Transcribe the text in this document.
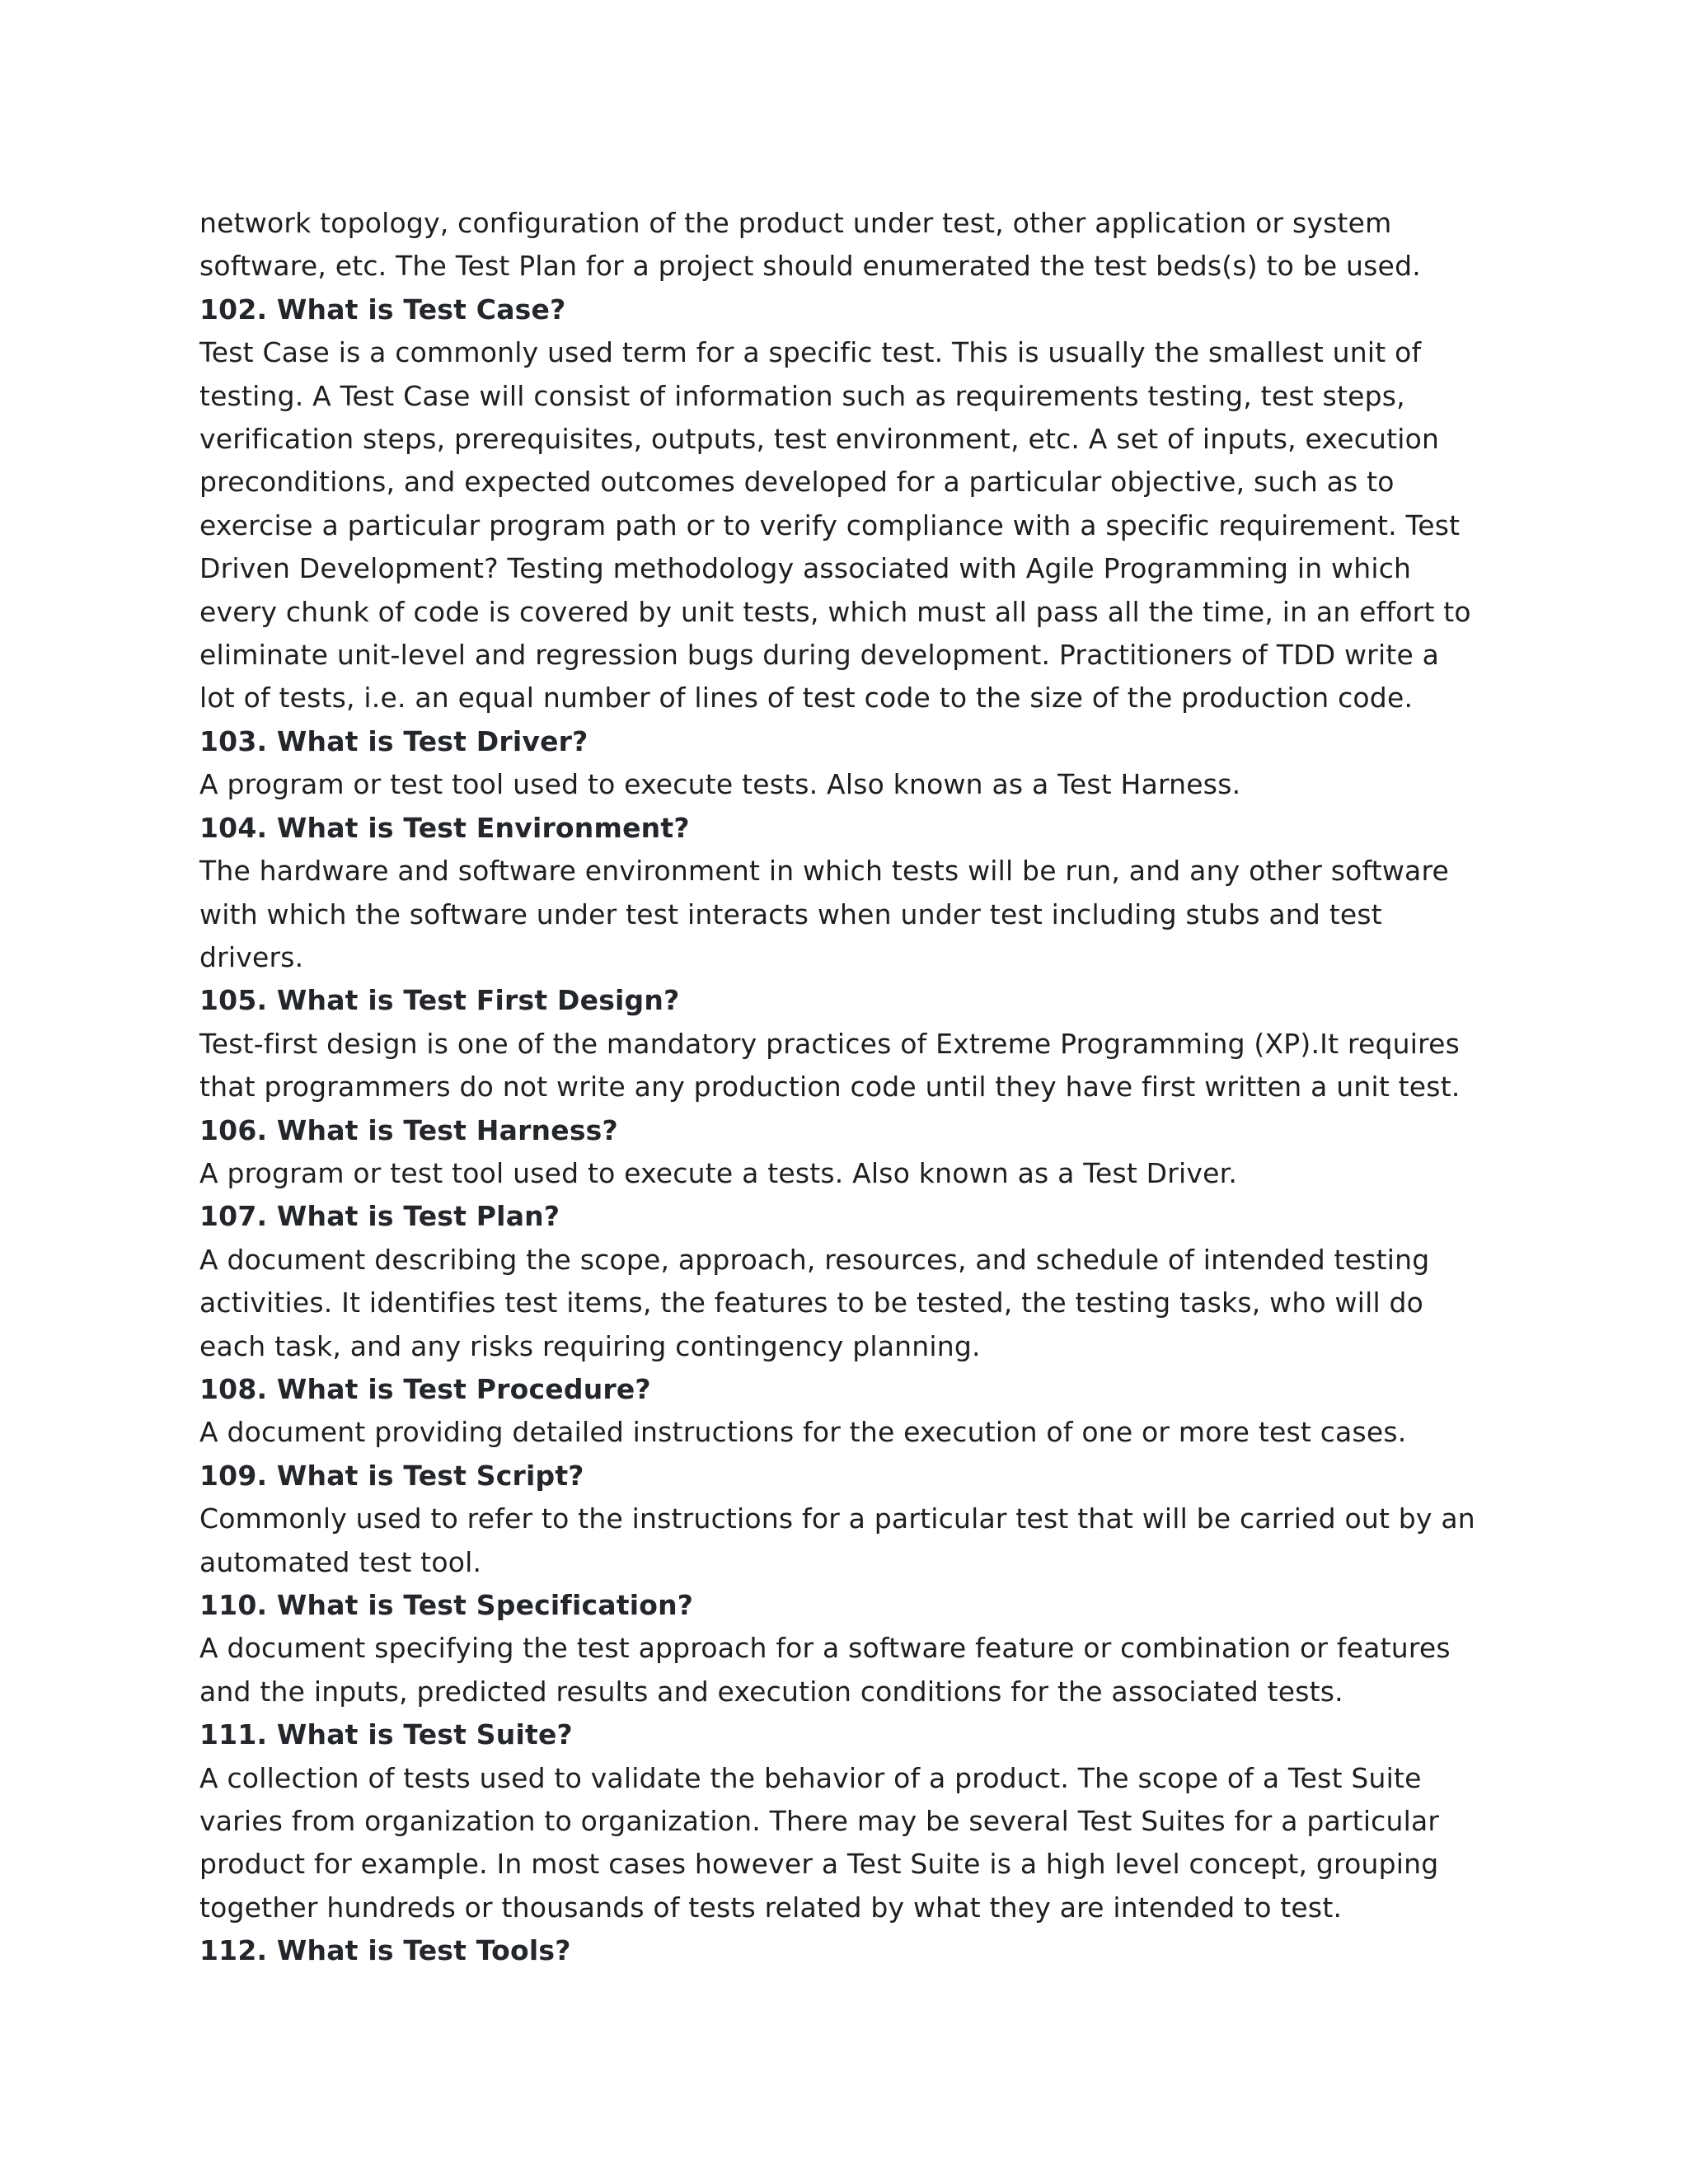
network topology, configuration of the product under test, other application or system
software, etc. The Test Plan for a project should enumerated the test beds(s) to be used.

102. What is Test Case?

Test Case is a commonly used term for a specific test. This is usually the smallest unit of
testing. A Test Case will consist of information such as requirements testing, test steps,
verification steps, prerequisites, outputs, test environment, etc. A set of inputs, execution
preconditions, and expected outcomes developed for a particular objective, such as to
exercise a particular program path or to verify compliance with a specific requirement. Test
Driven Development? Testing methodology associated with Agile Programming in which
every chunk of code is covered by unit tests, which must all pass all the time, in an effort to
eliminate unit-level and regression bugs during development. Practitioners of TDD write a
lot of tests, i.e. an equal number of lines of test code to the size of the production code.

103. What is Test Driver?

A program or test tool used to execute tests. Also known as a Test Harness.

104. What is Test Environment?

The hardware and software environment in which tests will be run, and any other software
with which the software under test interacts when under test including stubs and test
drivers.

105. What is Test First Design?

Test-first design is one of the mandatory practices of Extreme Programming (XP).It requires
that programmers do not write any production code until they have first written a unit test.

106. What is Test Harness?

A program or test tool used to execute a tests. Also known as a Test Driver.

107. What is Test Plan?

A document describing the scope, approach, resources, and schedule of intended testing
activities. It identifies test items, the features to be tested, the testing tasks, who will do
each task, and any risks requiring contingency planning.

108. What is Test Procedure?

A document providing detailed instructions for the execution of one or more test cases.

109. What is Test Script?

Commonly used to refer to the instructions for a particular test that will be carried out by an
automated test tool.

110. What is Test Specification?

A document specifying the test approach for a software feature or combination or features
and the inputs, predicted results and execution conditions for the associated tests.

111. What is Test Suite?

A collection of tests used to validate the behavior of a product. The scope of a Test Suite
varies from organization to organization. There may be several Test Suites for a particular
product for example. In most cases however a Test Suite is a high level concept, grouping
together hundreds or thousands of tests related by what they are intended to test.

112. What is Test Tools?
